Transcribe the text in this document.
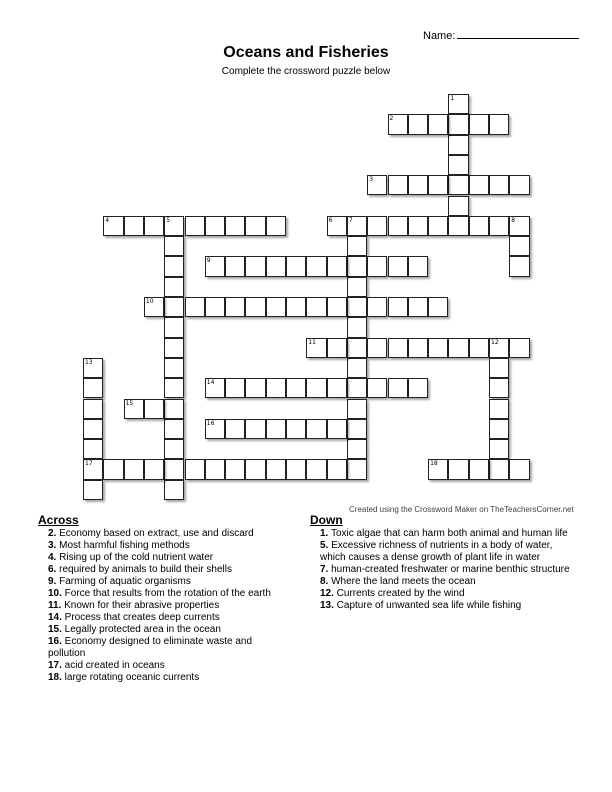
Name:
Oceans and Fisheries
Complete the crossword puzzle below
1
2
3
4	5	6	7	8
9
10
11	12
13
17
14
15
16
18
Created using the Crossword Maker on TheTeachersCorner.net
Across
2. Economy based on extract, use and discard
3. Most harmful fishing methods
4. Rising up of the cold nutrient water
6. required by animals to build their shells
9. Farming of aquatic organisms
10. Force that results from the rotation of the earth
11. Known for their abrasive properties
14. Process that creates deep currents
15. Legally protected area in the ocean
16. Economy designed to eliminate waste and pollution
17. acid created in oceans
18. large rotating oceanic currents
Down
1. Toxic algae that can harm both animal and human life
5. Excessive richness of nutrients in a body of water, which causes a dense growth of plant life in water
7. human-created freshwater or marine benthic structure
8. Where the land meets the ocean
12. Currents created by the wind
13. Capture of unwanted sea life while fishing
